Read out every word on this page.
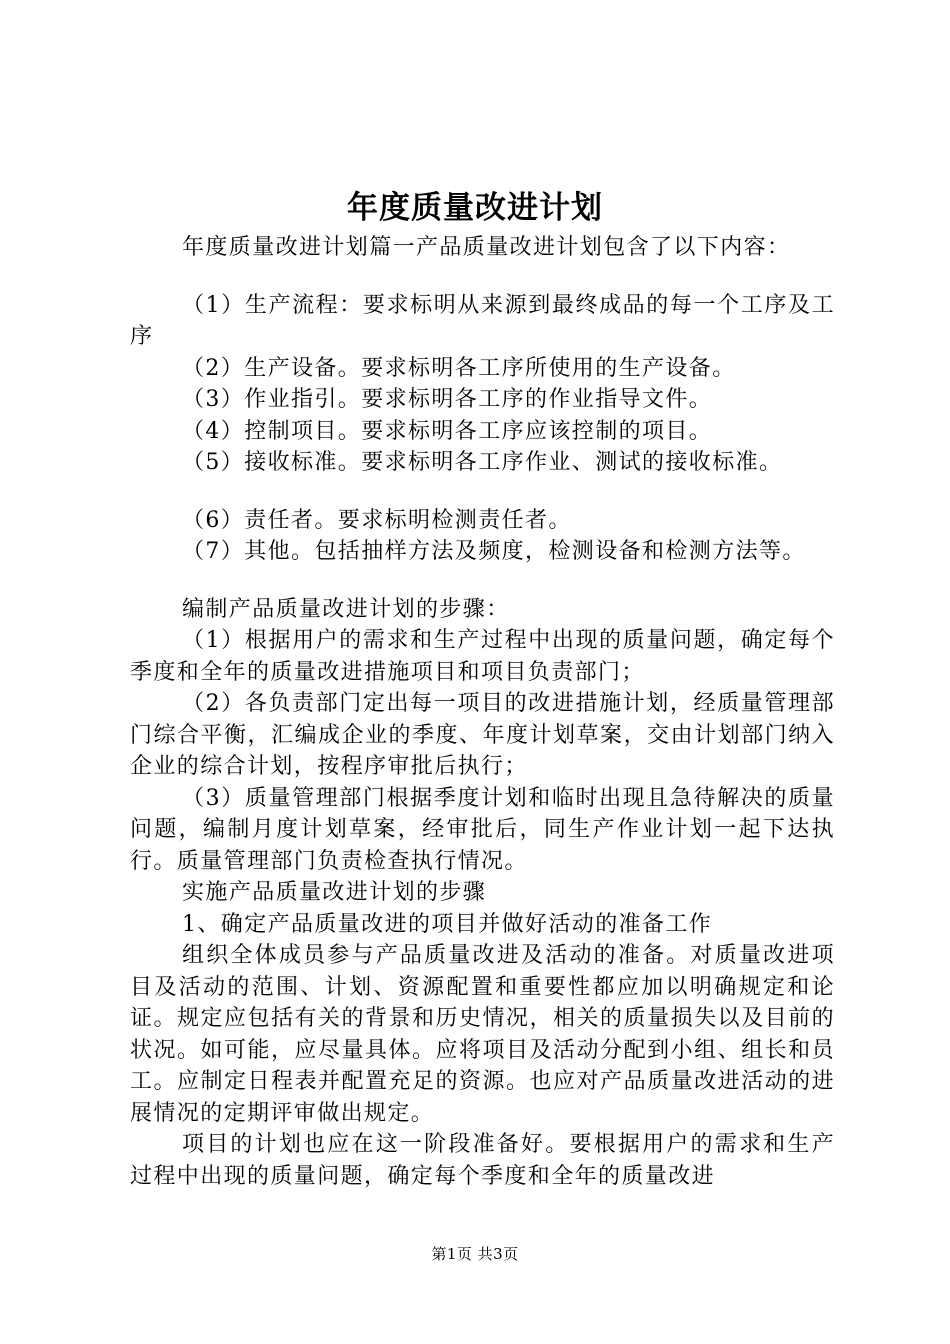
年度质量改进计划

年度质量改进计划篇一产品质量改进计划包含了以下内容：

（1）生产流程：要求标明从来源到最终成品的每一个工序及工序

（2）生产设备。要求标明各工序所使用的生产设备。

（3）作业指引。要求标明各工序的作业指导文件。

（4）控制项目。要求标明各工序应该控制的项目。

（5）接收标准。要求标明各工序作业、测试的接收标准。

（6）责任者。要求标明检测责任者。

（7）其他。包括抽样方法及频度，检测设备和检测方法等。

编制产品质量改进计划的步骤：

（1）根据用户的需求和生产过程中出现的质量问题，确定每个季度和全年的质量改进措施项目和项目负责部门；

（2）各负责部门定出每一项目的改进措施计划，经质量管理部门综合平衡，汇编成企业的季度、年度计划草案，交由计划部门纳入企业的综合计划，按程序审批后执行；

（3）质量管理部门根据季度计划和临时出现且急待解决的质量问题，编制月度计划草案，经审批后，同生产作业计划一起下达执行。质量管理部门负责检查执行情况。

实施产品质量改进计划的步骤

1、确定产品质量改进的项目并做好活动的准备工作

组织全体成员参与产品质量改进及活动的准备。对质量改进项目及活动的范围、计划、资源配置和重要性都应加以明确规定和论证。规定应包括有关的背景和历史情况，相关的质量损失以及目前的状况。如可能，应尽量具体。应将项目及活动分配到小组、组长和员工。应制定日程表并配置充足的资源。也应对产品质量改进活动的进展情况的定期评审做出规定。

项目的计划也应在这一阶段准备好。要根据用户的需求和生产过程中出现的质量问题，确定每个季度和全年的质量改进

第1页 共3页
